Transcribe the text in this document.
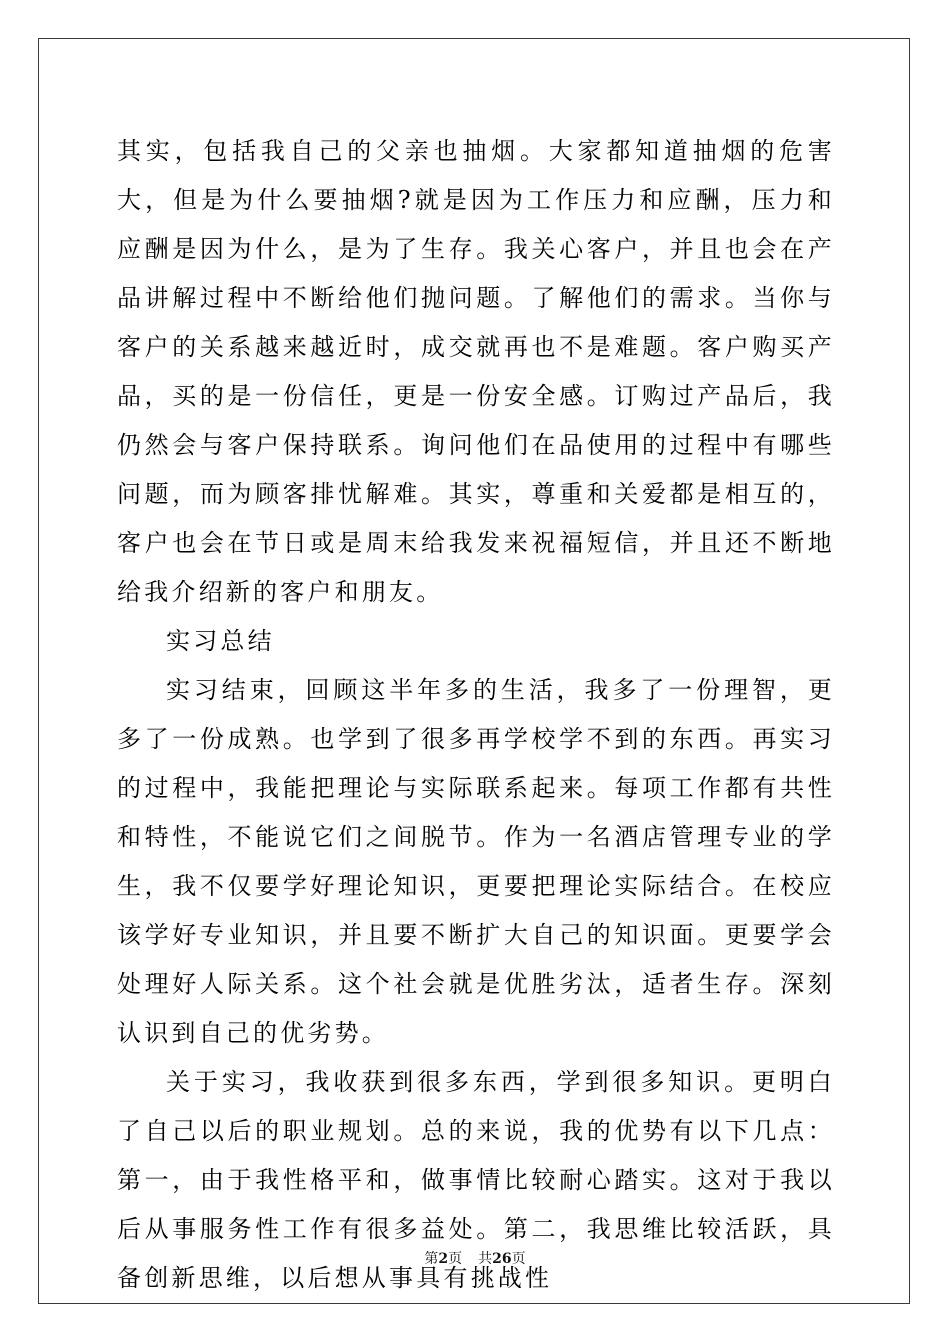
其实，包括我自己的父亲也抽烟。大家都知道抽烟的危害大，但是为什么要抽烟?就是因为工作压力和应酬，压力和应酬是因为什么，是为了生存。我关心客户，并且也会在产品讲解过程中不断给他们抛问题。了解他们的需求。当你与客户的关系越来越近时，成交就再也不是难题。客户购买产品，买的是一份信任，更是一份安全感。订购过产品后，我仍然会与客户保持联系。询问他们在品使用的过程中有哪些问题，而为顾客排忧解难。其实，尊重和关爱都是相互的，客户也会在节日或是周末给我发来祝福短信，并且还不断地给我介绍新的客户和朋友。

实习总结

实习结束，回顾这半年多的生活，我多了一份理智，更多了一份成熟。也学到了很多再学校学不到的东西。再实习的过程中，我能把理论与实际联系起来。每项工作都有共性和特性，不能说它们之间脱节。作为一名酒店管理专业的学生，我不仅要学好理论知识，更要把理论实际结合。在校应该学好专业知识，并且要不断扩大自己的知识面。更要学会处理好人际关系。这个社会就是优胜劣汰，适者生存。深刻认识到自己的优劣势。

关于实习，我收获到很多东西，学到很多知识。更明白了自己以后的职业规划。总的来说，我的优势有以下几点：第一，由于我性格平和，做事情比较耐心踏实。这对于我以后从事服务性工作有很多益处。第二，我思维比较活跃，具备创新思维，以后想从事具有挑战性

第2页 共26页
